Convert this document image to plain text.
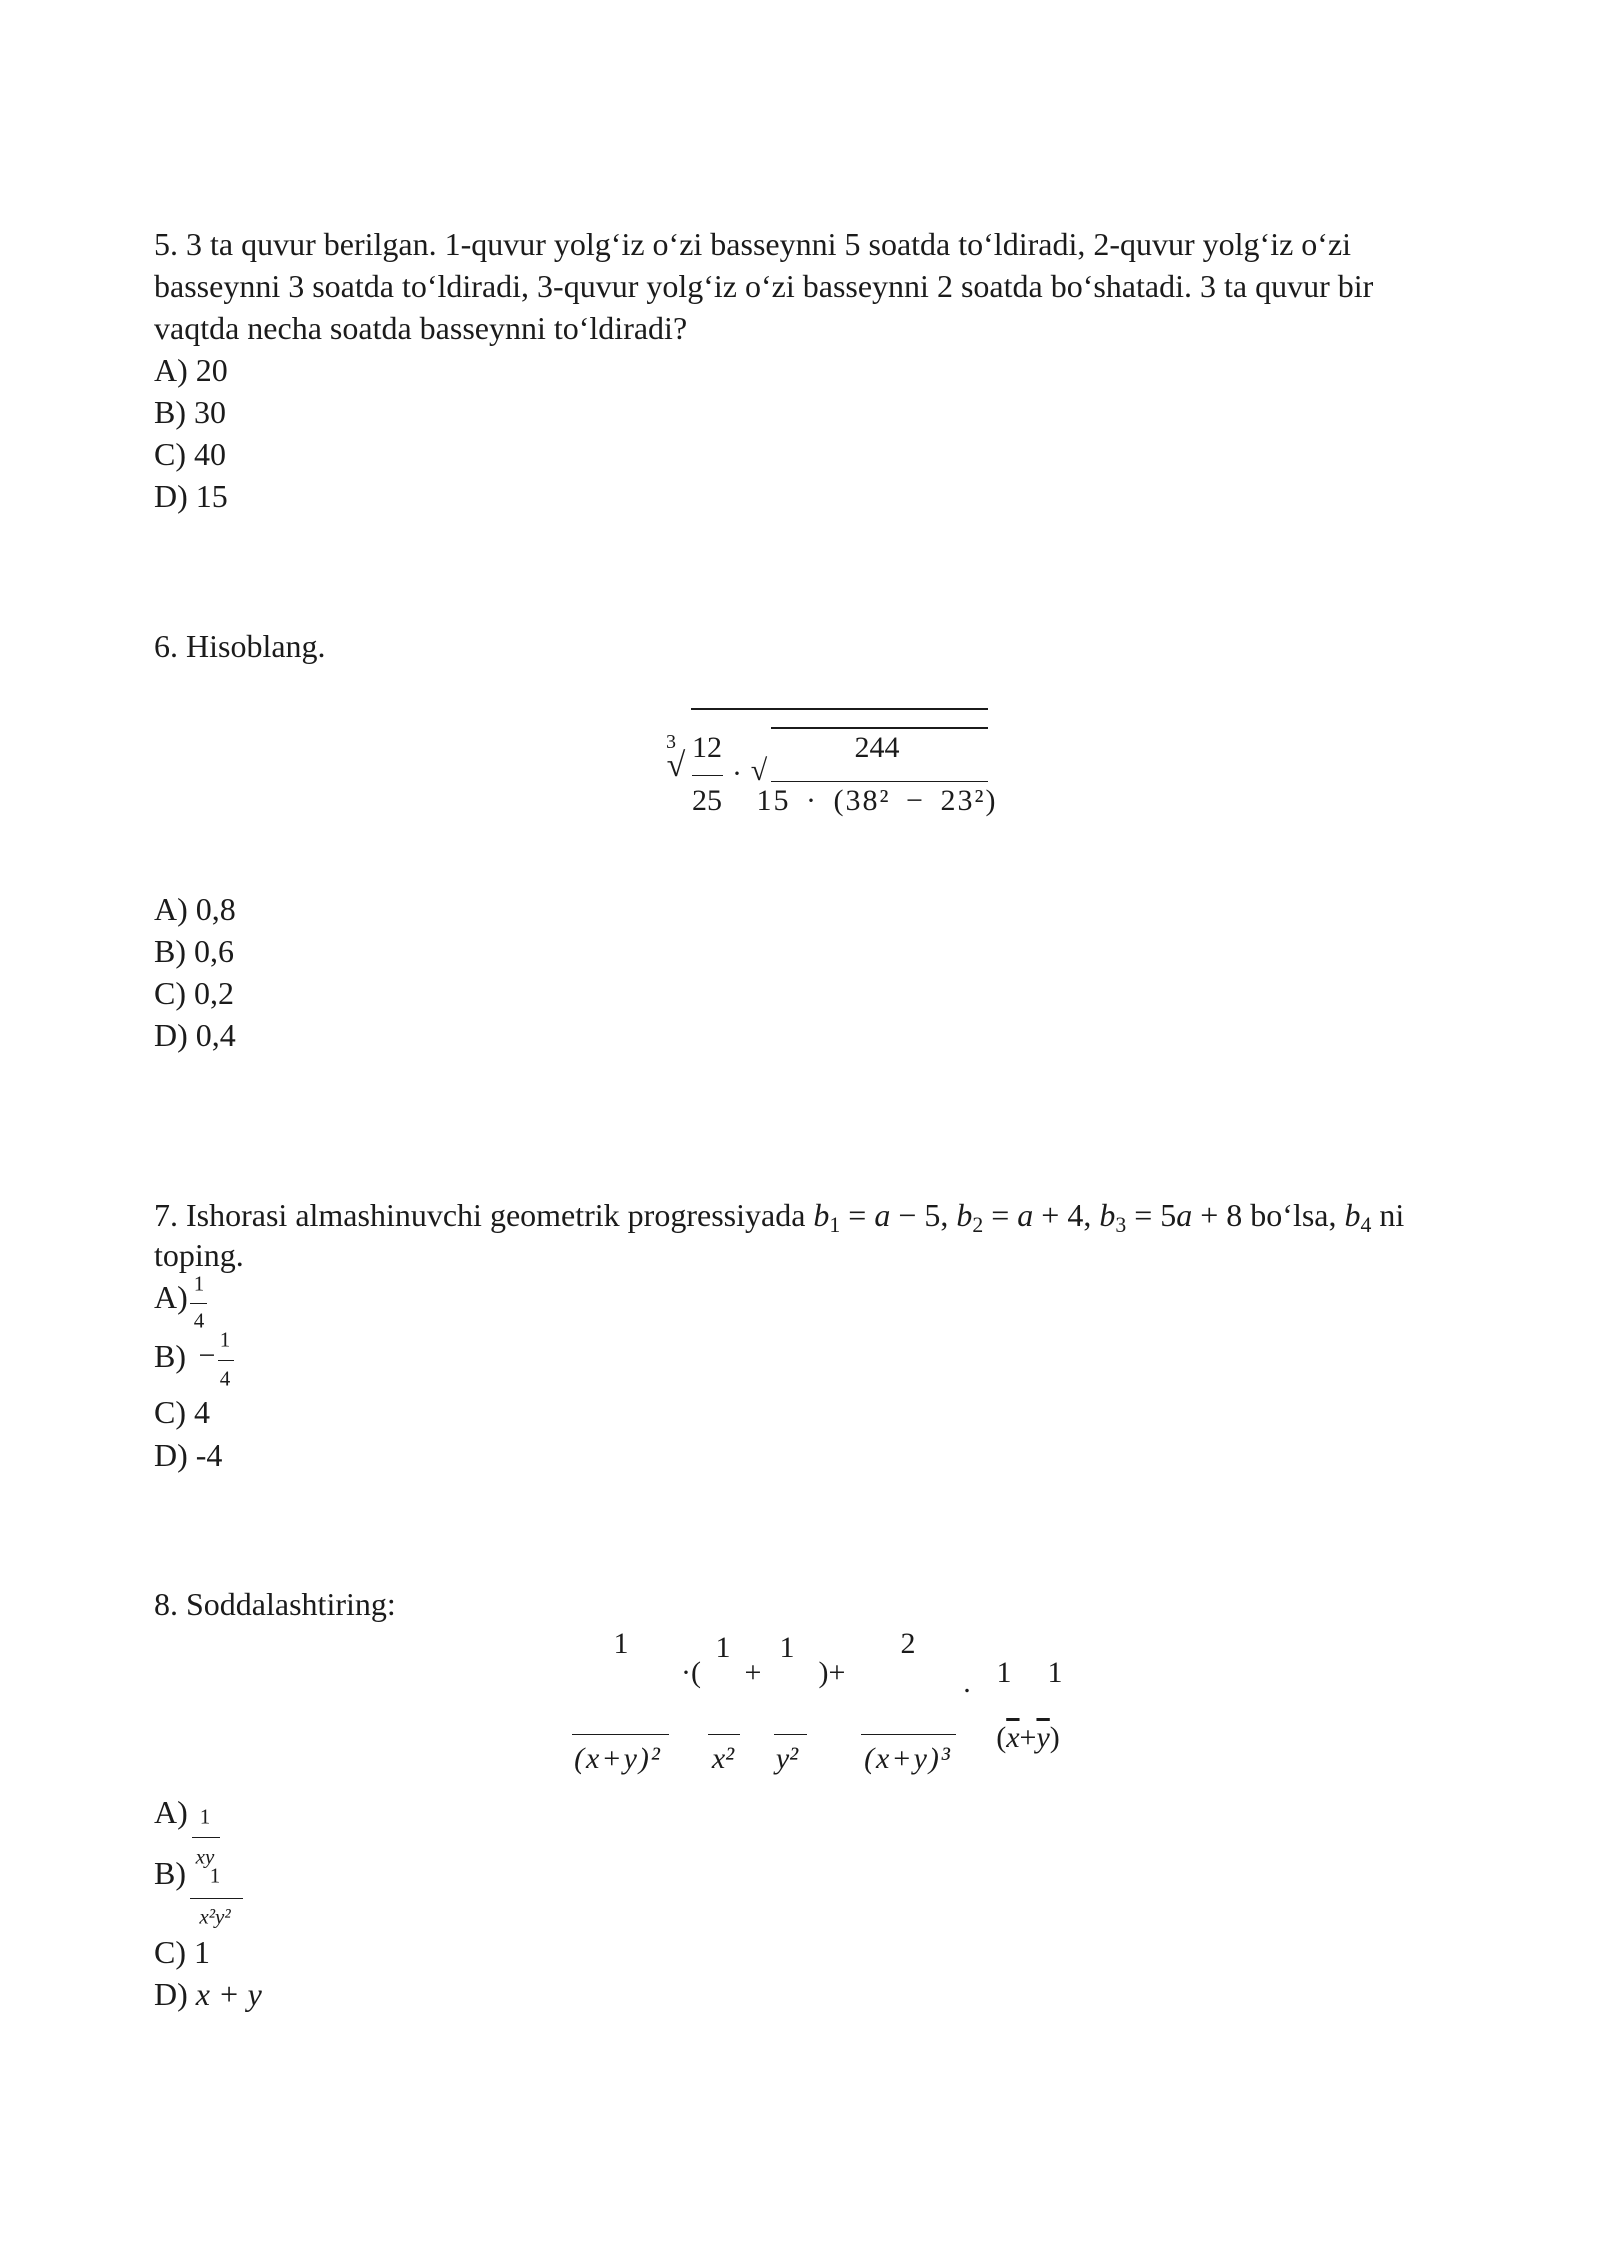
5. 3 ta quvur berilgan. 1-quvur yolg‘iz o‘zi basseynni 5 soatda to‘ldiradi, 2-quvur yolg‘iz o‘zi
basseynni 3 soatda to‘ldiradi, 3-quvur yolg‘iz o‘zi basseynni 2 soatda bo‘shatadi. 3 ta quvur bir
vaqtda necha soatda basseynni to‘ldiradi?
A) 20
B) 30
C) 40
D) 15
6. Hisoblang.
3
√ 12
25
· √
244
15 · (38² − 23²)
A) 0,8
B) 0,6
C) 0,2
D) 0,4
7. Ishorasi almashinuvchi geometrik progressiyada $b_1 = a - 5$, $b_2 = a + 4$, $b_3 = 5a + 8$ bo‘lsa, $b_4$ ni
toping.
A) 1
4
B) − 1
4
C) 4
D) -4
8. Soddalashtiring:
1
·(
1
+
1
)+
2
. 1 1
(x+y)² x² y² (x+y)³
$(\overline{x}+\overline{y})$
A) 1
xy
B) 1
x²y²
C) 1
D) x + y
